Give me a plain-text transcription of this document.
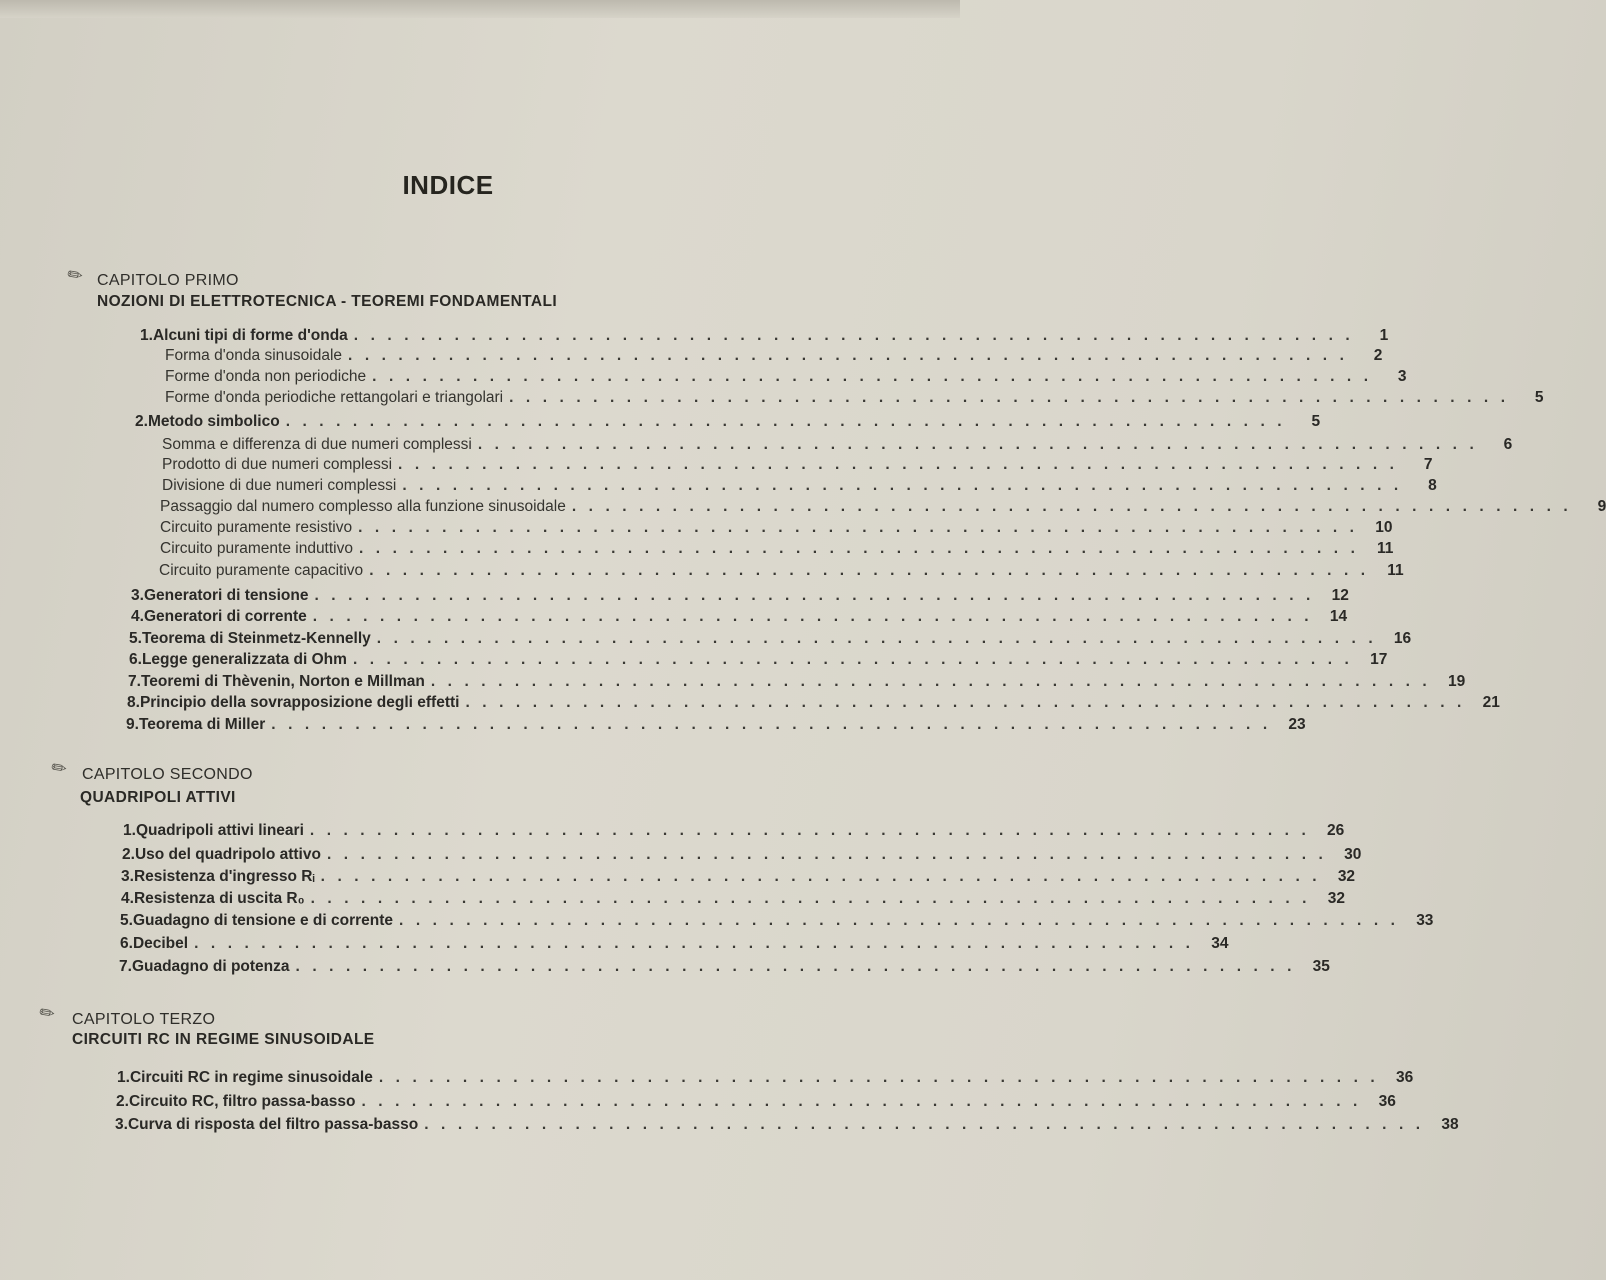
INDICE
✎ CAPITOLO PRIMO
NOZIONI DI ELETTROTECNICA - TEOREMI FONDAMENTALI
1. Alcuni tipi di forme d'onda ............................................................	1
Forma d'onda sinusoidale ............................................................	2
Forme d'onda non periodiche ............................................................	3
Forme d'onda periodiche rettangolari e triangolari ............................................................	5
2. Metodo simbolico ............................................................	5
Somma e differenza di due numeri complessi ............................................................	6
Prodotto di due numeri complessi ............................................................	7
Divisione di due numeri complessi ............................................................	8
Passaggio dal numero complesso alla funzione sinusoidale ............................................................	9
Circuito puramente resistivo ............................................................ 10
Circuito puramente induttivo ............................................................ 11
Circuito puramente capacitivo ............................................................ 11
3. Generatori di tensione ............................................................ 12
4. Generatori di corrente ............................................................ 14
5. Teorema di Steinmetz-Kennelly ............................................................ 16
6. Legge generalizzata di Ohm ............................................................ 17
7. Teoremi di Thèvenin, Norton e Millman ............................................................ 19
8. Principio della sovrapposizione degli effetti ............................................................ 21
9. Teorema di Miller ............................................................ 23
✎ CAPITOLO SECONDO
QUADRIPOLI ATTIVI
1. Quadripoli attivi lineari ............................................................ 26
2. Uso del quadripolo attivo ............................................................ 30
3. Resistenza d'ingresso Rᵢ ............................................................ 32
4. Resistenza di uscita R₀ ............................................................ 32
5. Guadagno di tensione e di corrente ............................................................ 33
6. Decibel ............................................................ 34
7. Guadagno di potenza ............................................................ 35
✎ CAPITOLO TERZO
CIRCUITI RC IN REGIME SINUSOIDALE
1. Circuiti RC in regime sinusoidale ............................................................ 36
2. Circuito RC, filtro passa-basso ............................................................ 36
3. Curva di risposta del filtro passa-basso ............................................................ 38
